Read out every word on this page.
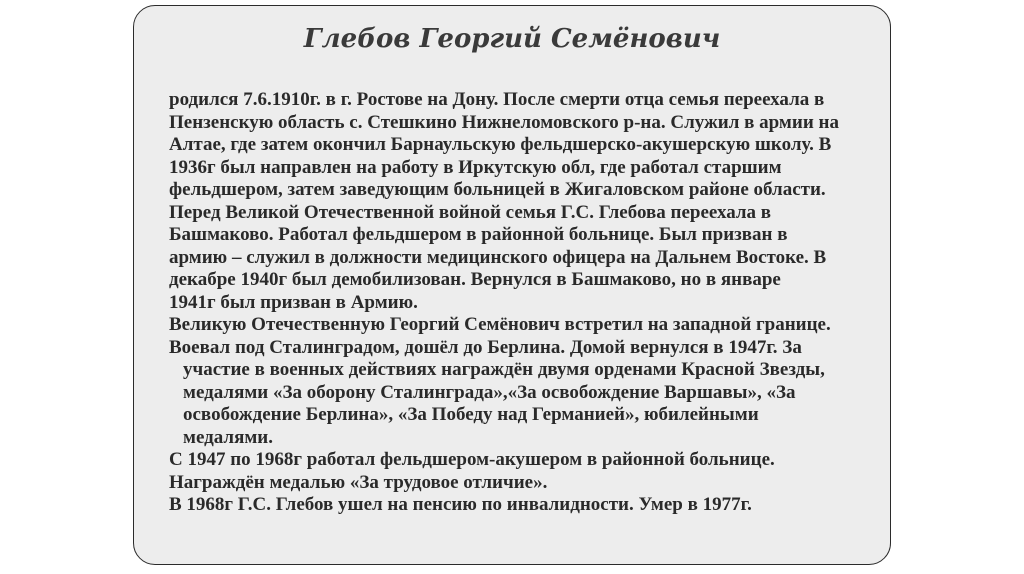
Глебов Георгий Семёнович
родился 7.6.1910г. в г. Ростове на Дону. После смерти отца семья переехала в
Пензенскую область с. Стешкино Нижнеломовского р-на. Служил в армии на
Алтае, где затем окончил Барнаульскую фельдшерско-акушерскую школу. В
1936г был направлен на работу в Иркутскую обл, где работал старшим
фельдшером, затем заведующим больницей в Жигаловском районе области.
Перед Великой Отечественной войной семья Г.С. Глебова переехала в
Башмаково. Работал фельдшером в районной больнице. Был призван в
армию – служил в должности медицинского офицера на Дальнем Востоке. В
декабре 1940г был демобилизован. Вернулся в Башмаково, но в январе
1941г был призван в Армию.
Великую Отечественную Георгий Семёнович встретил на западной границе.
Воевал под Сталинградом, дошёл до Берлина. Домой вернулся в 1947г. За
участие в военных действиях награждён двумя орденами Красной Звезды,
медалями «За оборону Сталинграда»,«За освобождение Варшавы», «За
освобождение Берлина», «За Победу над Германией», юбилейными
медалями.
С 1947 по 1968г работал фельдшером-акушером в районной больнице.
Награждён медалью «За трудовое отличие».
В 1968г Г.С. Глебов ушел на пенсию по инвалидности. Умер в 1977г.
